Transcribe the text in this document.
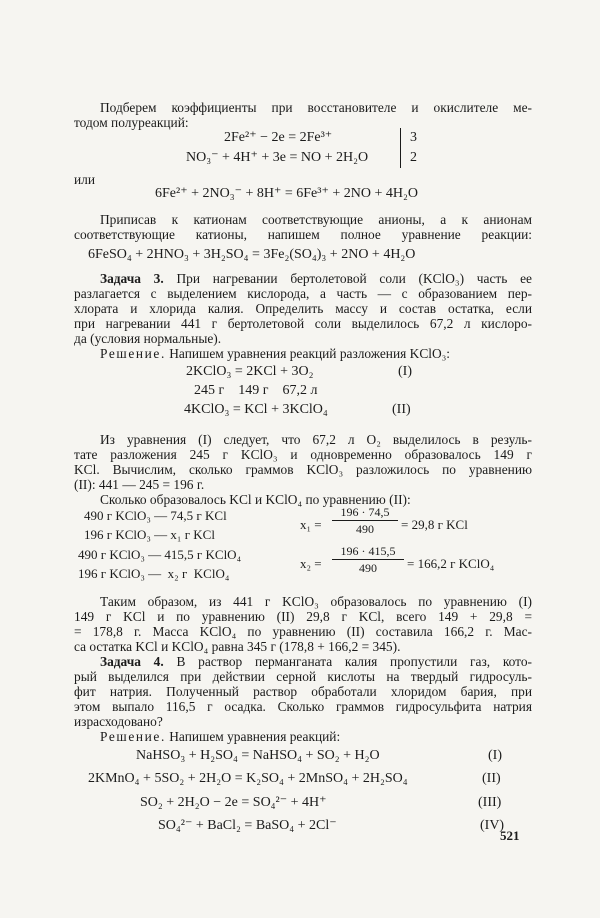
Подберем коэффициенты при восстановителе и окислителе ме-
тодом полуреакций:
2Fe²⁺ − 2e = 2Fe³⁺	3
NO₃⁻ + 4H⁺ + 3e = NO + 2H₂O	2
или
6Fe²⁺ + 2NO₃⁻ + 8H⁺ = 6Fe³⁺ + 2NO + 4H₂O
Приписав к катионам соответствующие анионы, а к анионам
соответствующие катионы, напишем полное уравнение реакции:
6FeSO₄ + 2HNO₃ + 3H₂SO₄ = 3Fe₂(SO₄)₃ + 2NO + 4H₂O
Задача 3. При нагревании бертолетовой соли (KClO₃) часть ее
разлагается с выделением кислорода, а часть — с образованием пер-
хлората и хлорида калия. Определить массу и состав остатка, если
при нагревании 441 г бертолетовой соли выделилось 67,2 л кислоро-
да (условия нормальные).
Решение. Напишем уравнения реакций разложения KClO₃:
2KClO₃ = 2KCl + 3O₂	(I)
245 г    149 г    67,2 л
4KClO₃ = KCl + 3KClO₄	(II)
Из уравнения (I) следует, что 67,2 л O₂ выделилось в резуль-
тате разложения 245 г KClO₃ и одновременно образовалось 149 г
KCl. Вычислим, сколько граммов KClO₃ разложилось по уравнению
(II): 441 — 245 = 196 г.
Сколько образовалось KCl и KClO₄ по уравнению (II):
490 г KClO₃ — 74,5 г KCl
196 г KClO₃ — x₁ г KCl
490 г KClO₃ — 415,5 г KClO₄
196 г KClO₃ —  x₂ г  KClO₄
x₁ =
196 · 74,5
490	= 29,8 г KCl
x₂ =
196 · 415,5
490	= 166,2 г KClO₄
Таким образом, из 441 г KClO₃ образовалось по уравнению (I)
149 г KCl и по уравнению (II) 29,8 г KCl, всего 149 + 29,8 =
= 178,8 г. Масса KClO₄ по уравнению (II) составила 166,2 г. Мас-
са остатка KCl и KClO₄ равна 345 г (178,8 + 166,2 = 345).
Задача 4. В раствор перманганата калия пропустили газ, кото-
рый выделился при действии серной кислоты на твердый гидросуль-
фит натрия. Полученный раствор обработали хлоридом бария, при
этом выпало 116,5 г осадка. Сколько граммов гидросульфита натрия
израсходовано?
Решение. Напишем уравнения реакций:
NaHSO₃ + H₂SO₄ = NaHSO₄ + SO₂ + H₂O	(I)
2KMnO₄ + 5SO₂ + 2H₂O = K₂SO₄ + 2MnSO₄ + 2H₂SO₄	(II)
SO₂ + 2H₂O − 2e = SO₄²⁻ + 4H⁺	(III)
SO₄²⁻ + BaCl₂ = BaSO₄ + 2Cl⁻	(IV)
521
